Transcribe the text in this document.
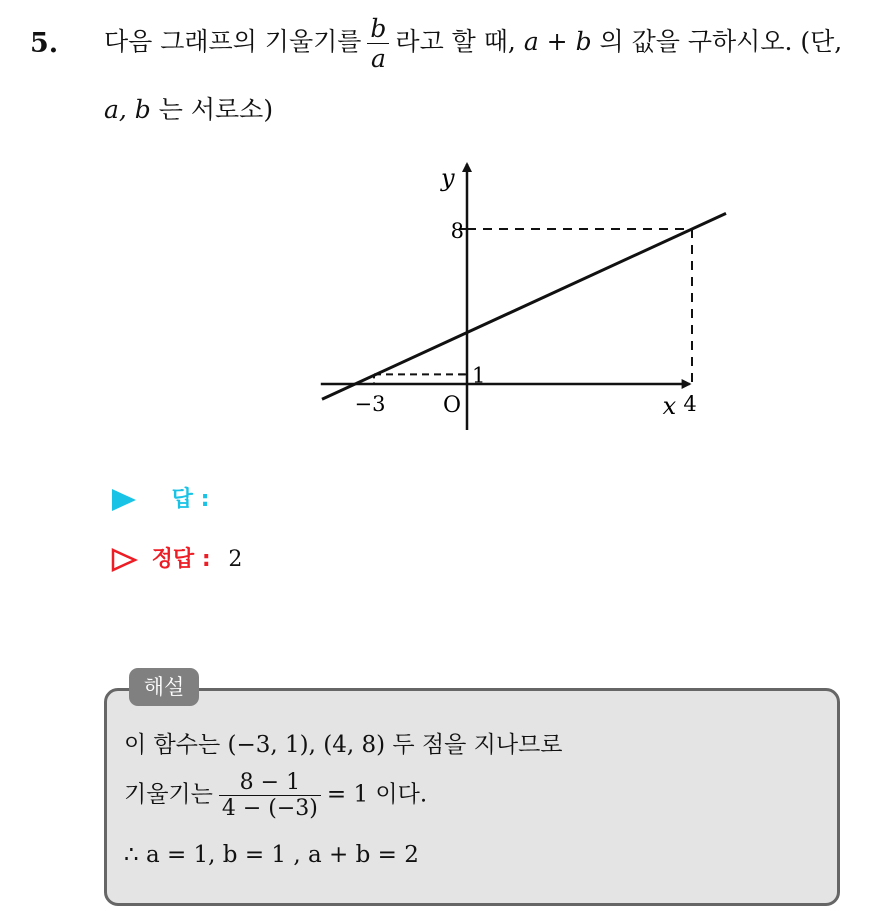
5. 다음 그래프의 기울기를 $\frac{b}{a}$ 라고 할 때, a + b 의 값을 구하시오. (단,
a, b 는 서로소)
y
x
8
1
−3	4
O
답 :
정답 : 2
해설
이 함수는 (−3, 1), (4, 8) 두 점을 지나므로
기울기는 $\frac{8 - 1}{4 - (-3)} = 1$ 이다.
∴ a = 1, b = 1 , a + b = 2
